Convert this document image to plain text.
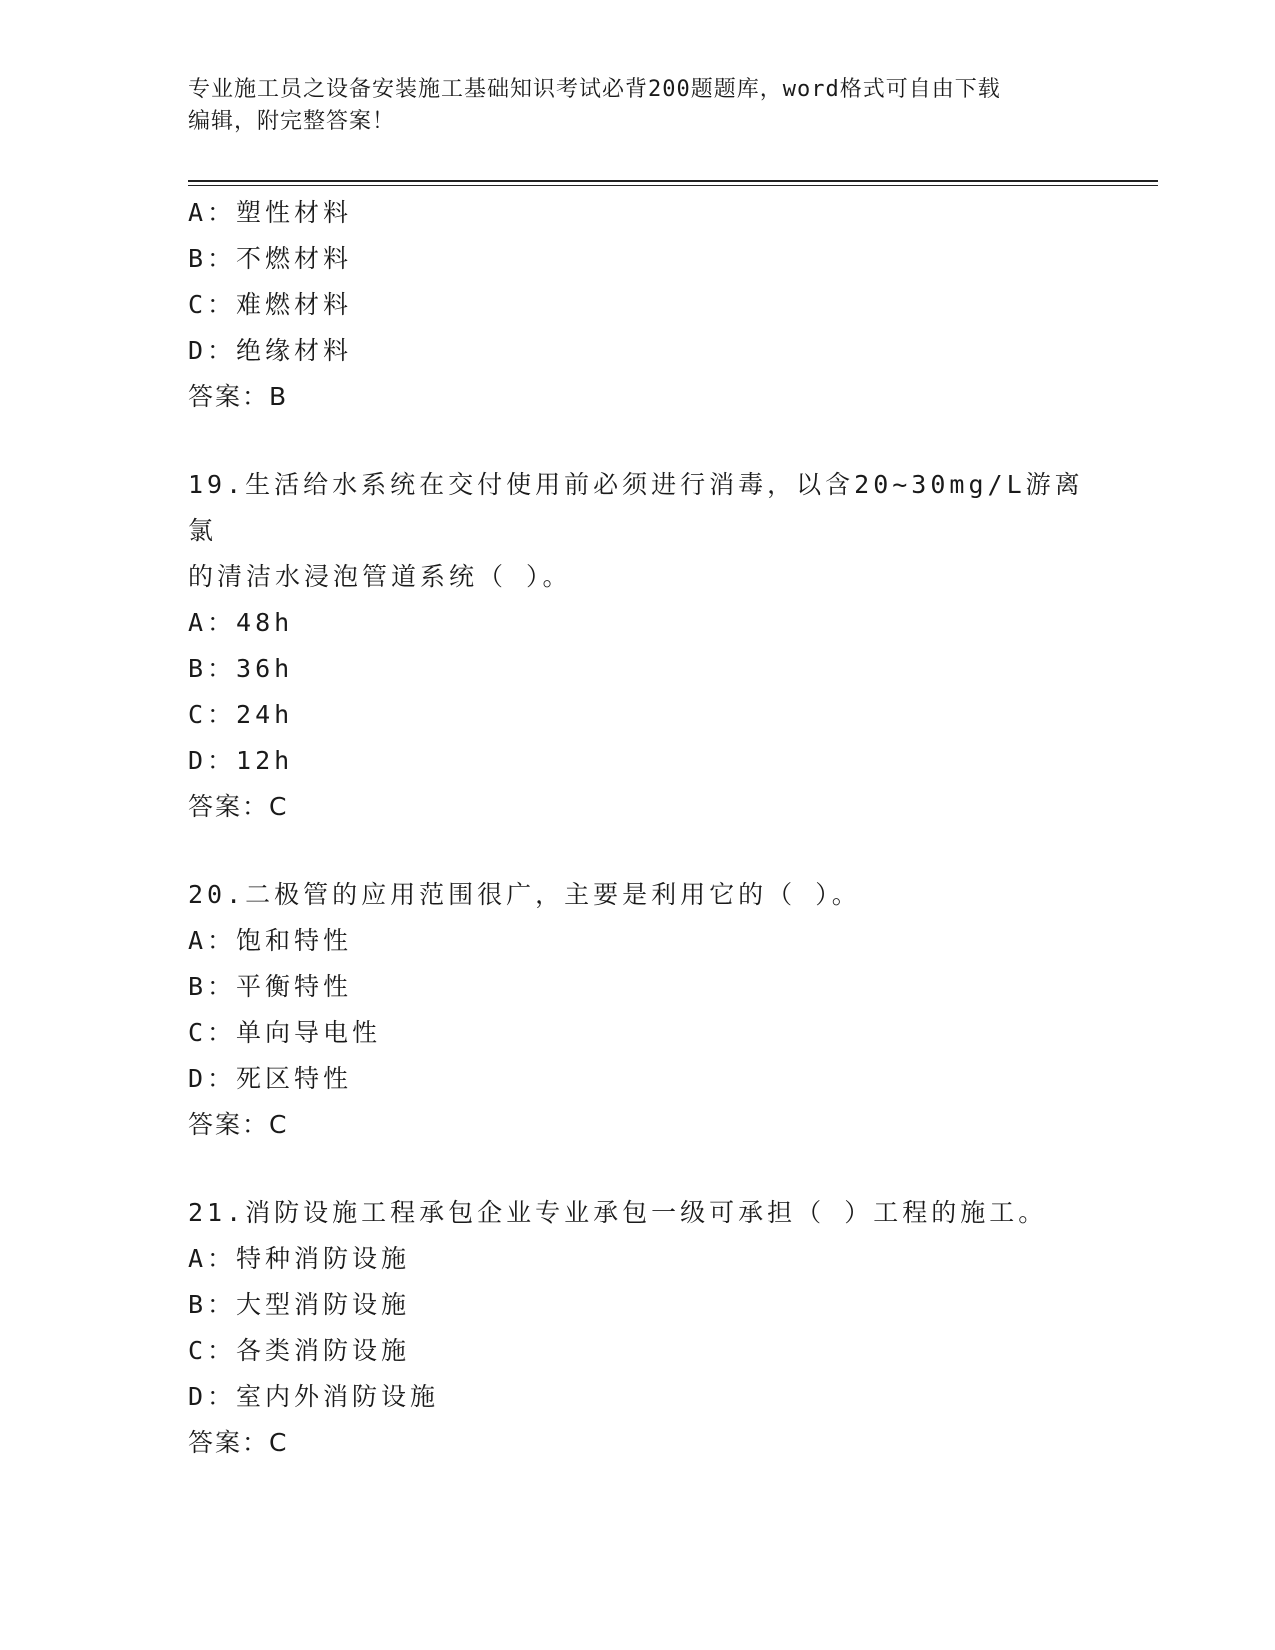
专业施工员之设备安装施工基础知识考试必背200题题库，word格式可自由下载
编辑，附完整答案！
A：塑性材料
B：不燃材料
C：难燃材料
D：绝缘材料
答案：B
19.生活给水系统在交付使用前必须进行消毒，以含20~30mg/L游离氯
的清洁水浸泡管道系统（ ）。
A：48h
B：36h
C：24h
D：12h
答案：C
20.二极管的应用范围很广，主要是利用它的（ ）。
A：饱和特性
B：平衡特性
C：单向导电性
D：死区特性
答案：C
21.消防设施工程承包企业专业承包一级可承担（ ）工程的施工。
A：特种消防设施
B：大型消防设施
C：各类消防设施
D：室内外消防设施
答案：C
